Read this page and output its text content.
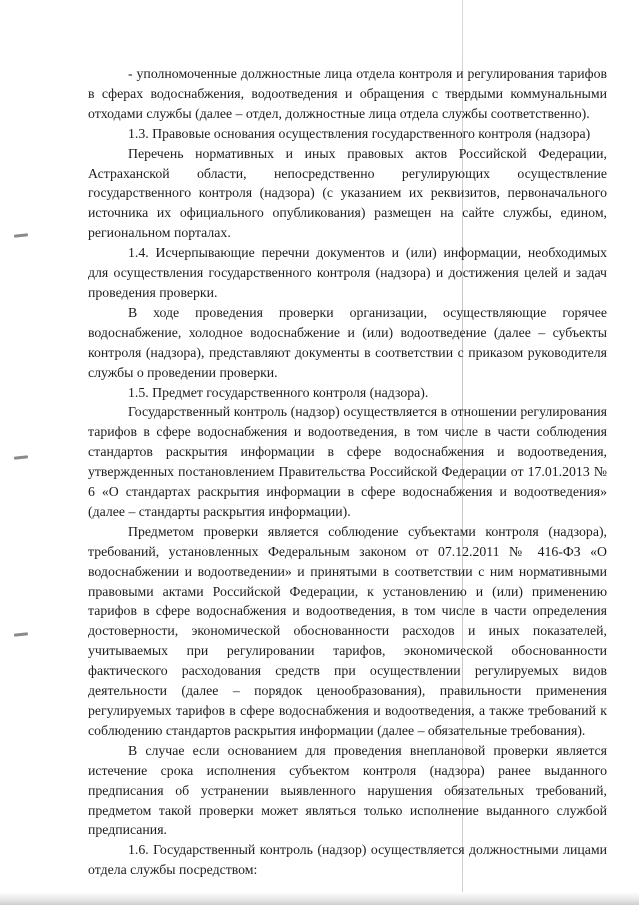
- уполномоченные должностные лица отдела контроля и регулирования тарифов в сферах водоснабжения, водоотведения и обращения с твердыми коммунальными отходами службы (далее – отдел, должностные лица отдела службы соответственно).

1.3. Правовые основания осуществления государственного контроля (надзора)

Перечень нормативных и иных правовых актов Российской Федерации, Астраханской области, непосредственно регулирующих осуществление государственного контроля (надзора) (с указанием их реквизитов, первоначального источника их официального опубликования) размещен на сайте службы, едином, региональном порталах.

1.4. Исчерпывающие перечни документов и (или) информации, необходимых для осуществления государственного контроля (надзора) и достижения целей и задач проведения проверки.

В ходе проведения проверки организации, осуществляющие горячее водоснабжение, холодное водоснабжение и (или) водоотведение (далее – субъекты контроля (надзора), представляют документы в соответствии с приказом руководителя службы о проведении проверки.

1.5. Предмет государственного контроля (надзора).

Государственный контроль (надзор) осуществляется в отношении регулирования тарифов в сфере водоснабжения и водоотведения, в том числе в части соблюдения стандартов раскрытия информации в сфере водоснабжения и водоотведения, утвержденных постановлением Правительства Российской Федерации от 17.01.2013 № 6 «О стандартах раскрытия информации в сфере водоснабжения и водоотведения» (далее – стандарты раскрытия информации).

Предметом проверки является соблюдение субъектами контроля (надзора), требований, установленных Федеральным законом от 07.12.2011 № 416-ФЗ «О водоснабжении и водоотведении» и принятыми в соответствии с ним нормативными правовыми актами Российской Федерации, к установлению и (или) применению тарифов в сфере водоснабжения и водоотведения, в том числе в части определения достоверности, экономической обоснованности расходов и иных показателей, учитываемых при регулировании тарифов, экономической обоснованности фактического расходования средств при осуществлении регулируемых видов деятельности (далее – порядок ценообразования), правильности применения регулируемых тарифов в сфере водоснабжения и водоотведения, а также требований к соблюдению стандартов раскрытия информации (далее – обязательные требования).

В случае если основанием для проведения внеплановой проверки является истечение срока исполнения субъектом контроля (надзора) ранее выданного предписания об устранении выявленного нарушения обязательных требований, предметом такой проверки может являться только исполнение выданного службой предписания.

1.6. Государственный контроль (надзор) осуществляется должностными лицами отдела службы посредством:
